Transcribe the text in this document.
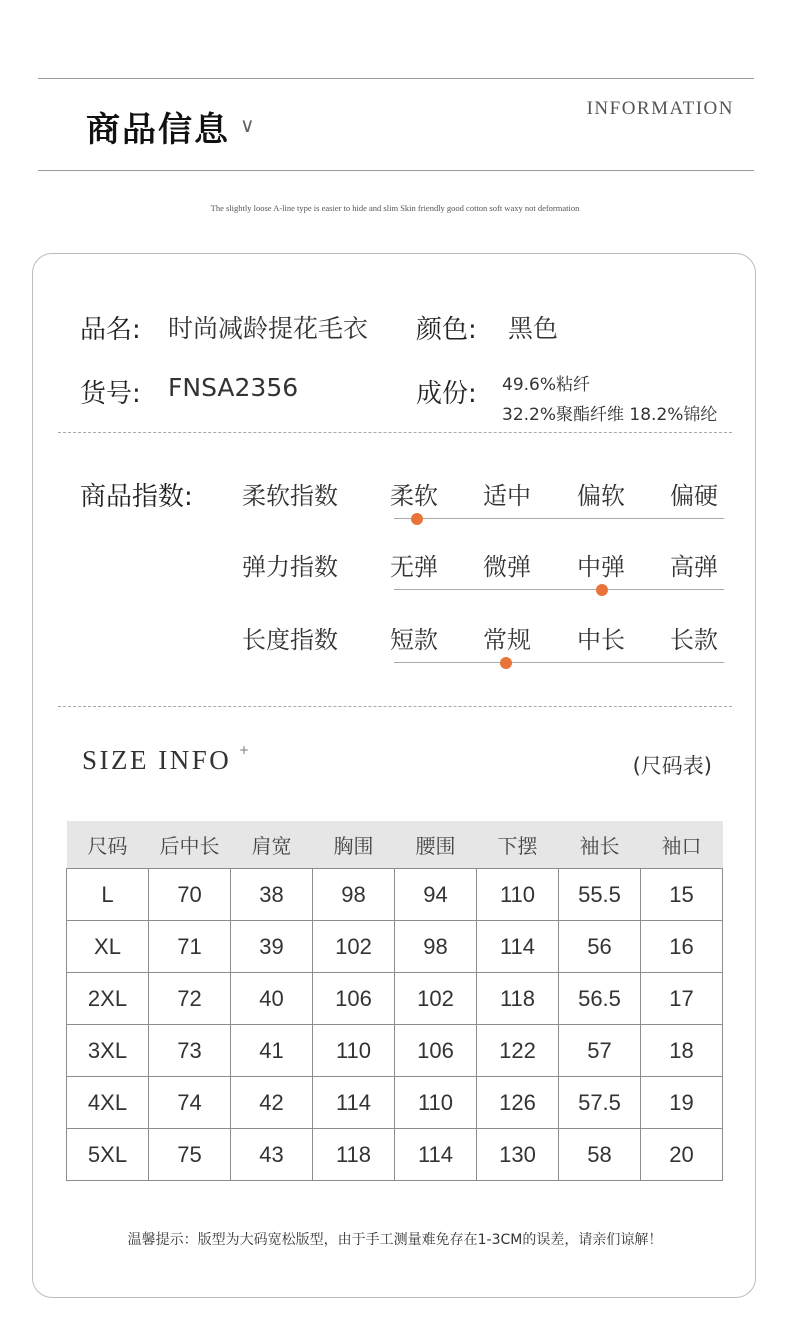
商品信息 ∨
INFORMATION
The slightly loose A-line type is easier to hide and slim Skin friendly good cotton soft waxy not deformation
品名: 时尚减龄提花毛衣 颜色: 黑色
货号: FNSA2356	成份: 49.6%粘纤
32.2%聚酯纤维 18.2%锦纶
商品指数: 柔软指数	柔软	适中	偏软	偏硬
弹力指数	无弹	微弹	中弹	高弹
长度指数	短款	常规	中长	长款
SIZE INFO +
(尺码表)
尺码	后中长	肩宽	胸围	腰围	下摆	袖长	袖口
L	70	38	98	94	110	55.5	15
XL	71	39	102	98	114	56	16
2XL	72	40	106	102	118	56.5	17
3XL	73	41	110	106	122	57	18
4XL	74	42	114	110	126	57.5	19
5XL	75	43	118	114	130	58	20
温馨提示：版型为大码宽松版型，由于手工测量难免存在1-3CM的误差，请亲们谅解！
